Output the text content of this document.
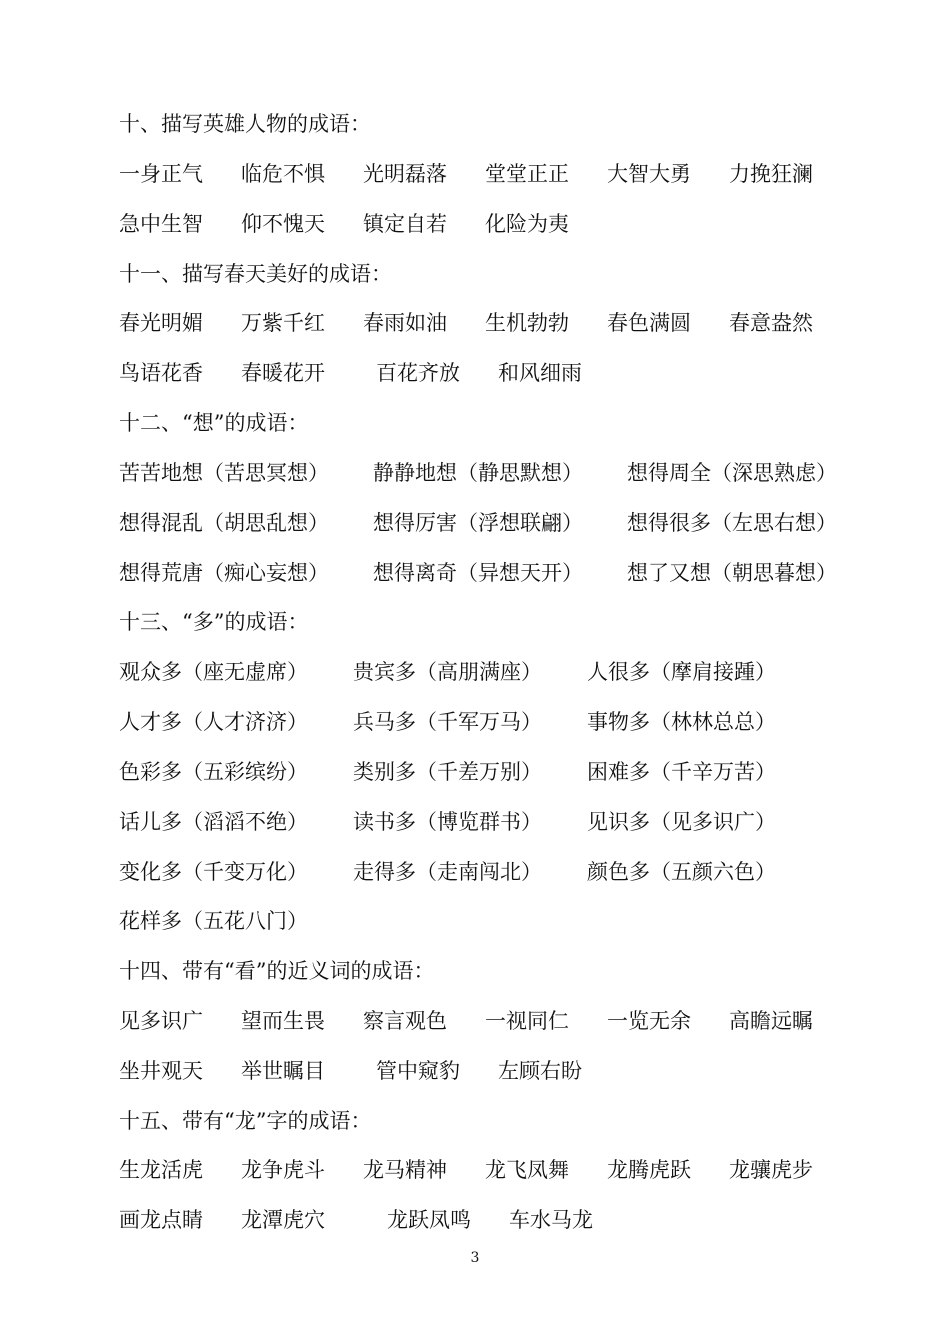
十、描写英雄人物的成语：
一身正气	临危不惧	光明磊落	堂堂正正	大智大勇	力挽狂澜
急中生智	仰不愧天	镇定自若	化险为夷
十一、描写春天美好的成语：
春光明媚	万紫千红	春雨如油	生机勃勃	春色满圆	春意盎然
鸟语花香	春暖花开	百花齐放	和风细雨
十二、“想”的成语：
苦苦地想（苦思冥想）	静静地想（静思默想）	想得周全（深思熟虑）
想得混乱（胡思乱想）	想得厉害（浮想联翩）	想得很多（左思右想）
想得荒唐（痴心妄想）	想得离奇（异想天开）	想了又想（朝思暮想）
十三、“多”的成语：
观众多（座无虚席）	贵宾多（高朋满座）	人很多（摩肩接踵）
人才多（人才济济）	兵马多（千军万马）	事物多（林林总总）
色彩多（五彩缤纷）	类别多（千差万别）	困难多（千辛万苦）
话儿多（滔滔不绝）	读书多（博览群书）	见识多（见多识广）
变化多（千变万化）	走得多（走南闯北）	颜色多（五颜六色）
花样多（五花八门）
十四、带有“看”的近义词的成语：
见多识广	望而生畏	察言观色	一视同仁	一览无余	高瞻远瞩
坐井观天	举世瞩目	管中窥豹	左顾右盼
十五、带有“龙”字的成语：
生龙活虎	龙争虎斗	龙马精神	龙飞凤舞	龙腾虎跃	龙骧虎步
画龙点睛	龙潭虎穴	龙跃凤鸣	车水马龙
3
